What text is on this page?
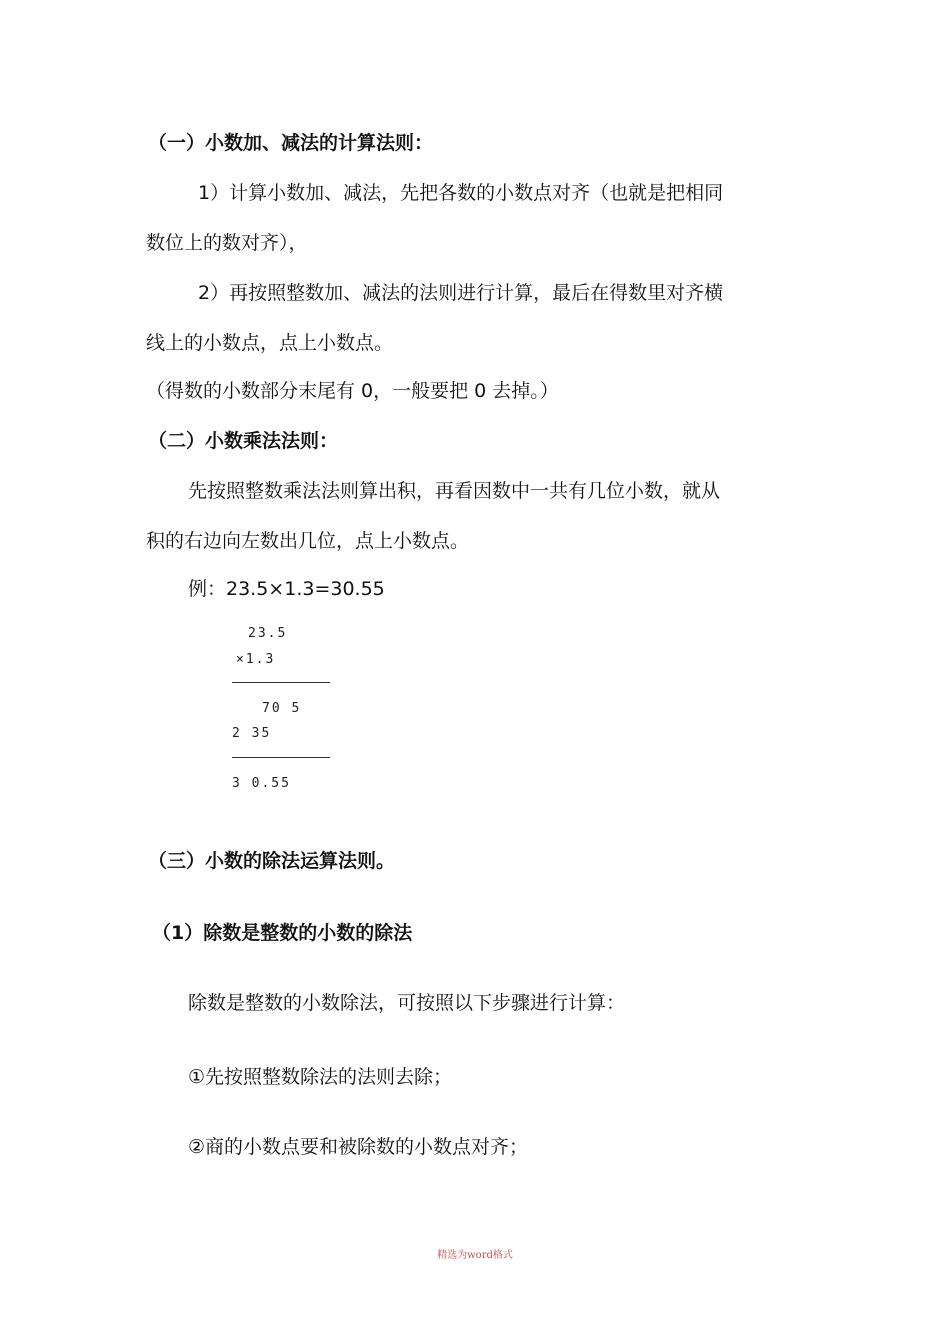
（一）小数加、减法的计算法则：
1）计算小数加、减法，先把各数的小数点对齐（也就是把相同
数位上的数对齐），
2）再按照整数加、减法的法则进行计算，最后在得数里对齐横
线上的小数点，点上小数点。
（得数的小数部分末尾有 0，一般要把 0 去掉。）
（二）小数乘法法则：
先按照整数乘法法则算出积，再看因数中一共有几位小数，就从
积的右边向左数出几位，点上小数点。
例：23.5×1.3=30.55
23.5
×1.3
70 5
2 35
3 0.55
（三）小数的除法运算法则。
（1）除数是整数的小数的除法
除数是整数的小数除法，可按照以下步骤进行计算：
①先按照整数除法的法则去除；
②商的小数点要和被除数的小数点对齐；
精选为word格式
